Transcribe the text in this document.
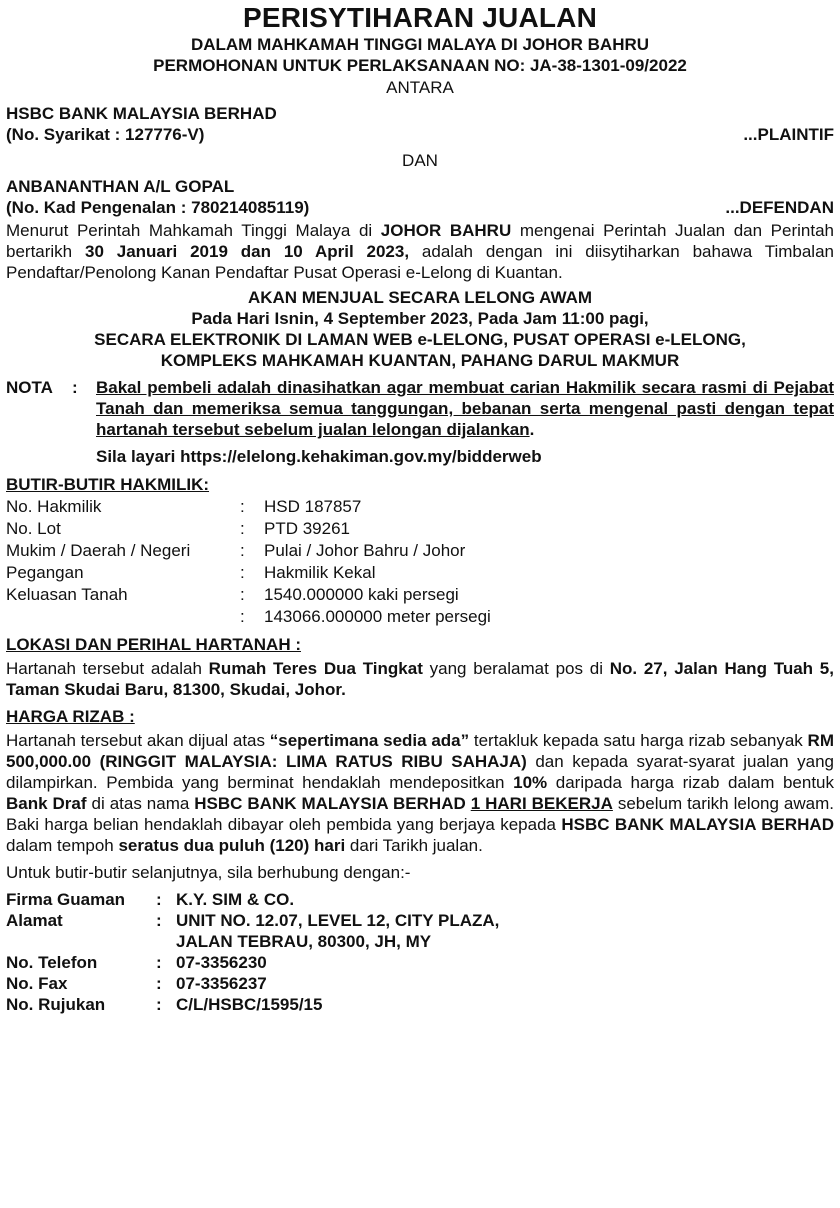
PERISYTIHARAN JUALAN
DALAM MAHKAMAH TINGGI MALAYA DI JOHOR BAHRU
PERMOHONAN UNTUK PERLAKSANAAN NO: JA-38-1301-09/2022
ANTARA
HSBC BANK MALAYSIA BERHAD
(No. Syarikat : 127776-V)	...PLAINTIF
DAN
ANBANANTHAN A/L GOPAL
(No. Kad Pengenalan : 780214085119)	...DEFENDAN
Menurut Perintah Mahkamah Tinggi Malaya di JOHOR BAHRU mengenai Perintah Jualan dan Perintah bertarikh 30 Januari 2019 dan 10 April 2023, adalah dengan ini diisytiharkan bahawa Timbalan Pendaftar/Penolong Kanan Pendaftar Pusat Operasi e-Lelong di Kuantan.
AKAN MENJUAL SECARA LELONG AWAM
Pada Hari Isnin, 4 September 2023, Pada Jam 11:00 pagi,
SECARA ELEKTRONIK DI LAMAN WEB e-LELONG, PUSAT OPERASI e-LELONG,
KOMPLEKS MAHKAMAH KUANTAN, PAHANG DARUL MAKMUR
NOTA	:	Bakal pembeli adalah dinasihatkan agar membuat carian Hakmilik secara rasmi di Pejabat Tanah dan memeriksa semua tanggungan, bebanan serta mengenal pasti dengan tepat hartanah tersebut sebelum jualan lelongan dijalankan.
Sila layari https://elelong.kehakiman.gov.my/bidderweb
BUTIR-BUTIR HAKMILIK:
No. Hakmilik	:	HSD 187857
No. Lot	:	PTD 39261
Mukim / Daerah / Negeri	:	Pulai / Johor Bahru / Johor
Pegangan	:	Hakmilik Kekal
Keluasan Tanah	:	1540.000000 kaki persegi
	:	143066.000000 meter persegi
LOKASI DAN PERIHAL HARTANAH :
Hartanah tersebut adalah Rumah Teres Dua Tingkat yang beralamat pos di No. 27, Jalan Hang Tuah 5, Taman Skudai Baru, 81300, Skudai, Johor.
HARGA RIZAB :
Hartanah tersebut akan dijual atas “sepertimana sedia ada” tertakluk kepada satu harga rizab sebanyak RM 500,000.00 (RINGGIT MALAYSIA: LIMA RATUS RIBU SAHAJA) dan kepada syarat-syarat jualan yang dilampirkan. Pembida yang berminat hendaklah mendepositkan 10% daripada harga rizab dalam bentuk Bank Draf di atas nama HSBC BANK MALAYSIA BERHAD 1 HARI BEKERJA sebelum tarikh lelong awam. Baki harga belian hendaklah dibayar oleh pembida yang berjaya kepada HSBC BANK MALAYSIA BERHAD dalam tempoh seratus dua puluh (120) hari dari Tarikh jualan.
Untuk butir-butir selanjutnya, sila berhubung dengan:-
Firma Guaman	:	K.Y. SIM & CO.
Alamat	:	UNIT NO. 12.07, LEVEL 12, CITY PLAZA,
		JALAN TEBRAU, 80300, JH, MY
No. Telefon	:	07-3356230
No. Fax	:	07-3356237
No. Rujukan	:	C/L/HSBC/1595/15
